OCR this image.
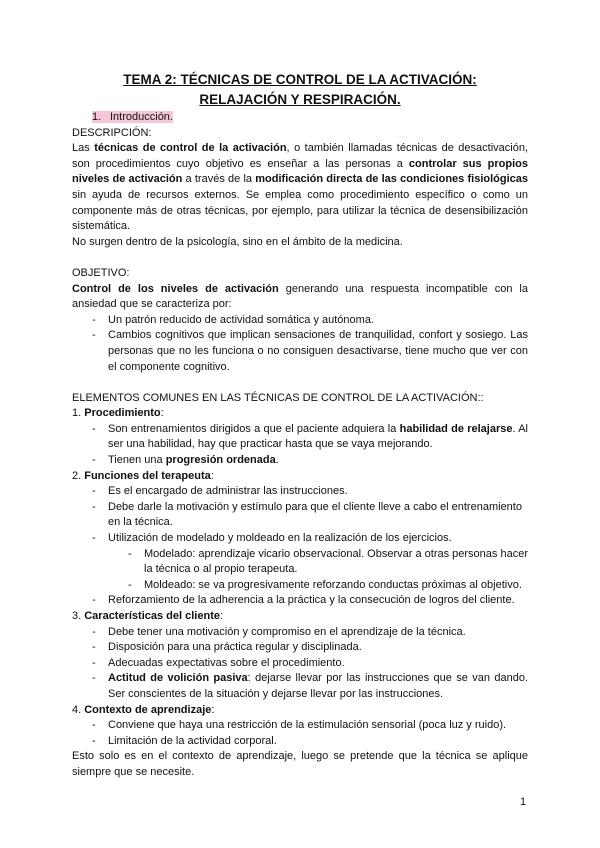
TEMA 2: TÉCNICAS DE CONTROL DE LA ACTIVACIÓN:
RELAJACIÓN Y RESPIRACIÓN.
1. Introducción.
DESCRIPCIÓN:
Las técnicas de control de la activación, o también llamadas técnicas de desactivación, son procedimientos cuyo objetivo es enseñar a las personas a controlar sus propios niveles de activación a través de la modificación directa de las condiciones fisiológicas sin ayuda de recursos externos. Se emplea como procedimiento específico o como un componente más de otras técnicas, por ejemplo, para utilizar la técnica de desensibilización sistemática.
No surgen dentro de la psicología, sino en el ámbito de la medicina.
OBJETIVO:
Control de los niveles de activación generando una respuesta incompatible con la ansiedad que se caracteriza por:
- Un patrón reducido de actividad somática y autónoma.
- Cambios cognitivos que implican sensaciones de tranquilidad, confort y sosiego. Las personas que no les funciona o no consiguen desactivarse, tiene mucho que ver con el componente cognitivo.
ELEMENTOS COMUNES EN LAS TÉCNICAS DE CONTROL DE LA ACTIVACIÓN::
1. Procedimiento:
- Son entrenamientos dirigidos a que el paciente adquiera la habilidad de relajarse. Al ser una habilidad, hay que practicar hasta que se vaya mejorando.
- Tienen una progresión ordenada.
2. Funciones del terapeuta:
- Es el encargado de administrar las instrucciones.
- Debe darle la motivación y estímulo para que el cliente lleve a cabo el entrenamiento en la técnica.
- Utilización de modelado y moldeado en la realización de los ejercicios.
- Modelado: aprendizaje vicario observacional. Observar a otras personas hacer la técnica o al propio terapeuta.
- Moldeado: se va progresivamente reforzando conductas próximas al objetivo.
- Reforzamiento de la adherencia a la práctica y la consecución de logros del cliente.
3. Características del cliente:
- Debe tener una motivación y compromiso en el aprendizaje de la técnica.
- Disposición para una práctica regular y disciplinada.
- Adecuadas expectativas sobre el procedimiento.
- Actitud de volición pasiva: dejarse llevar por las instrucciones que se van dando. Ser conscientes de la situación y dejarse llevar por las instrucciones.
4. Contexto de aprendizaje:
- Conviene que haya una restricción de la estimulación sensorial (poca luz y ruido).
- Limitación de la actividad corporal.
Esto solo es en el contexto de aprendizaje, luego se pretende que la técnica se aplique siempre que se necesite.
1
